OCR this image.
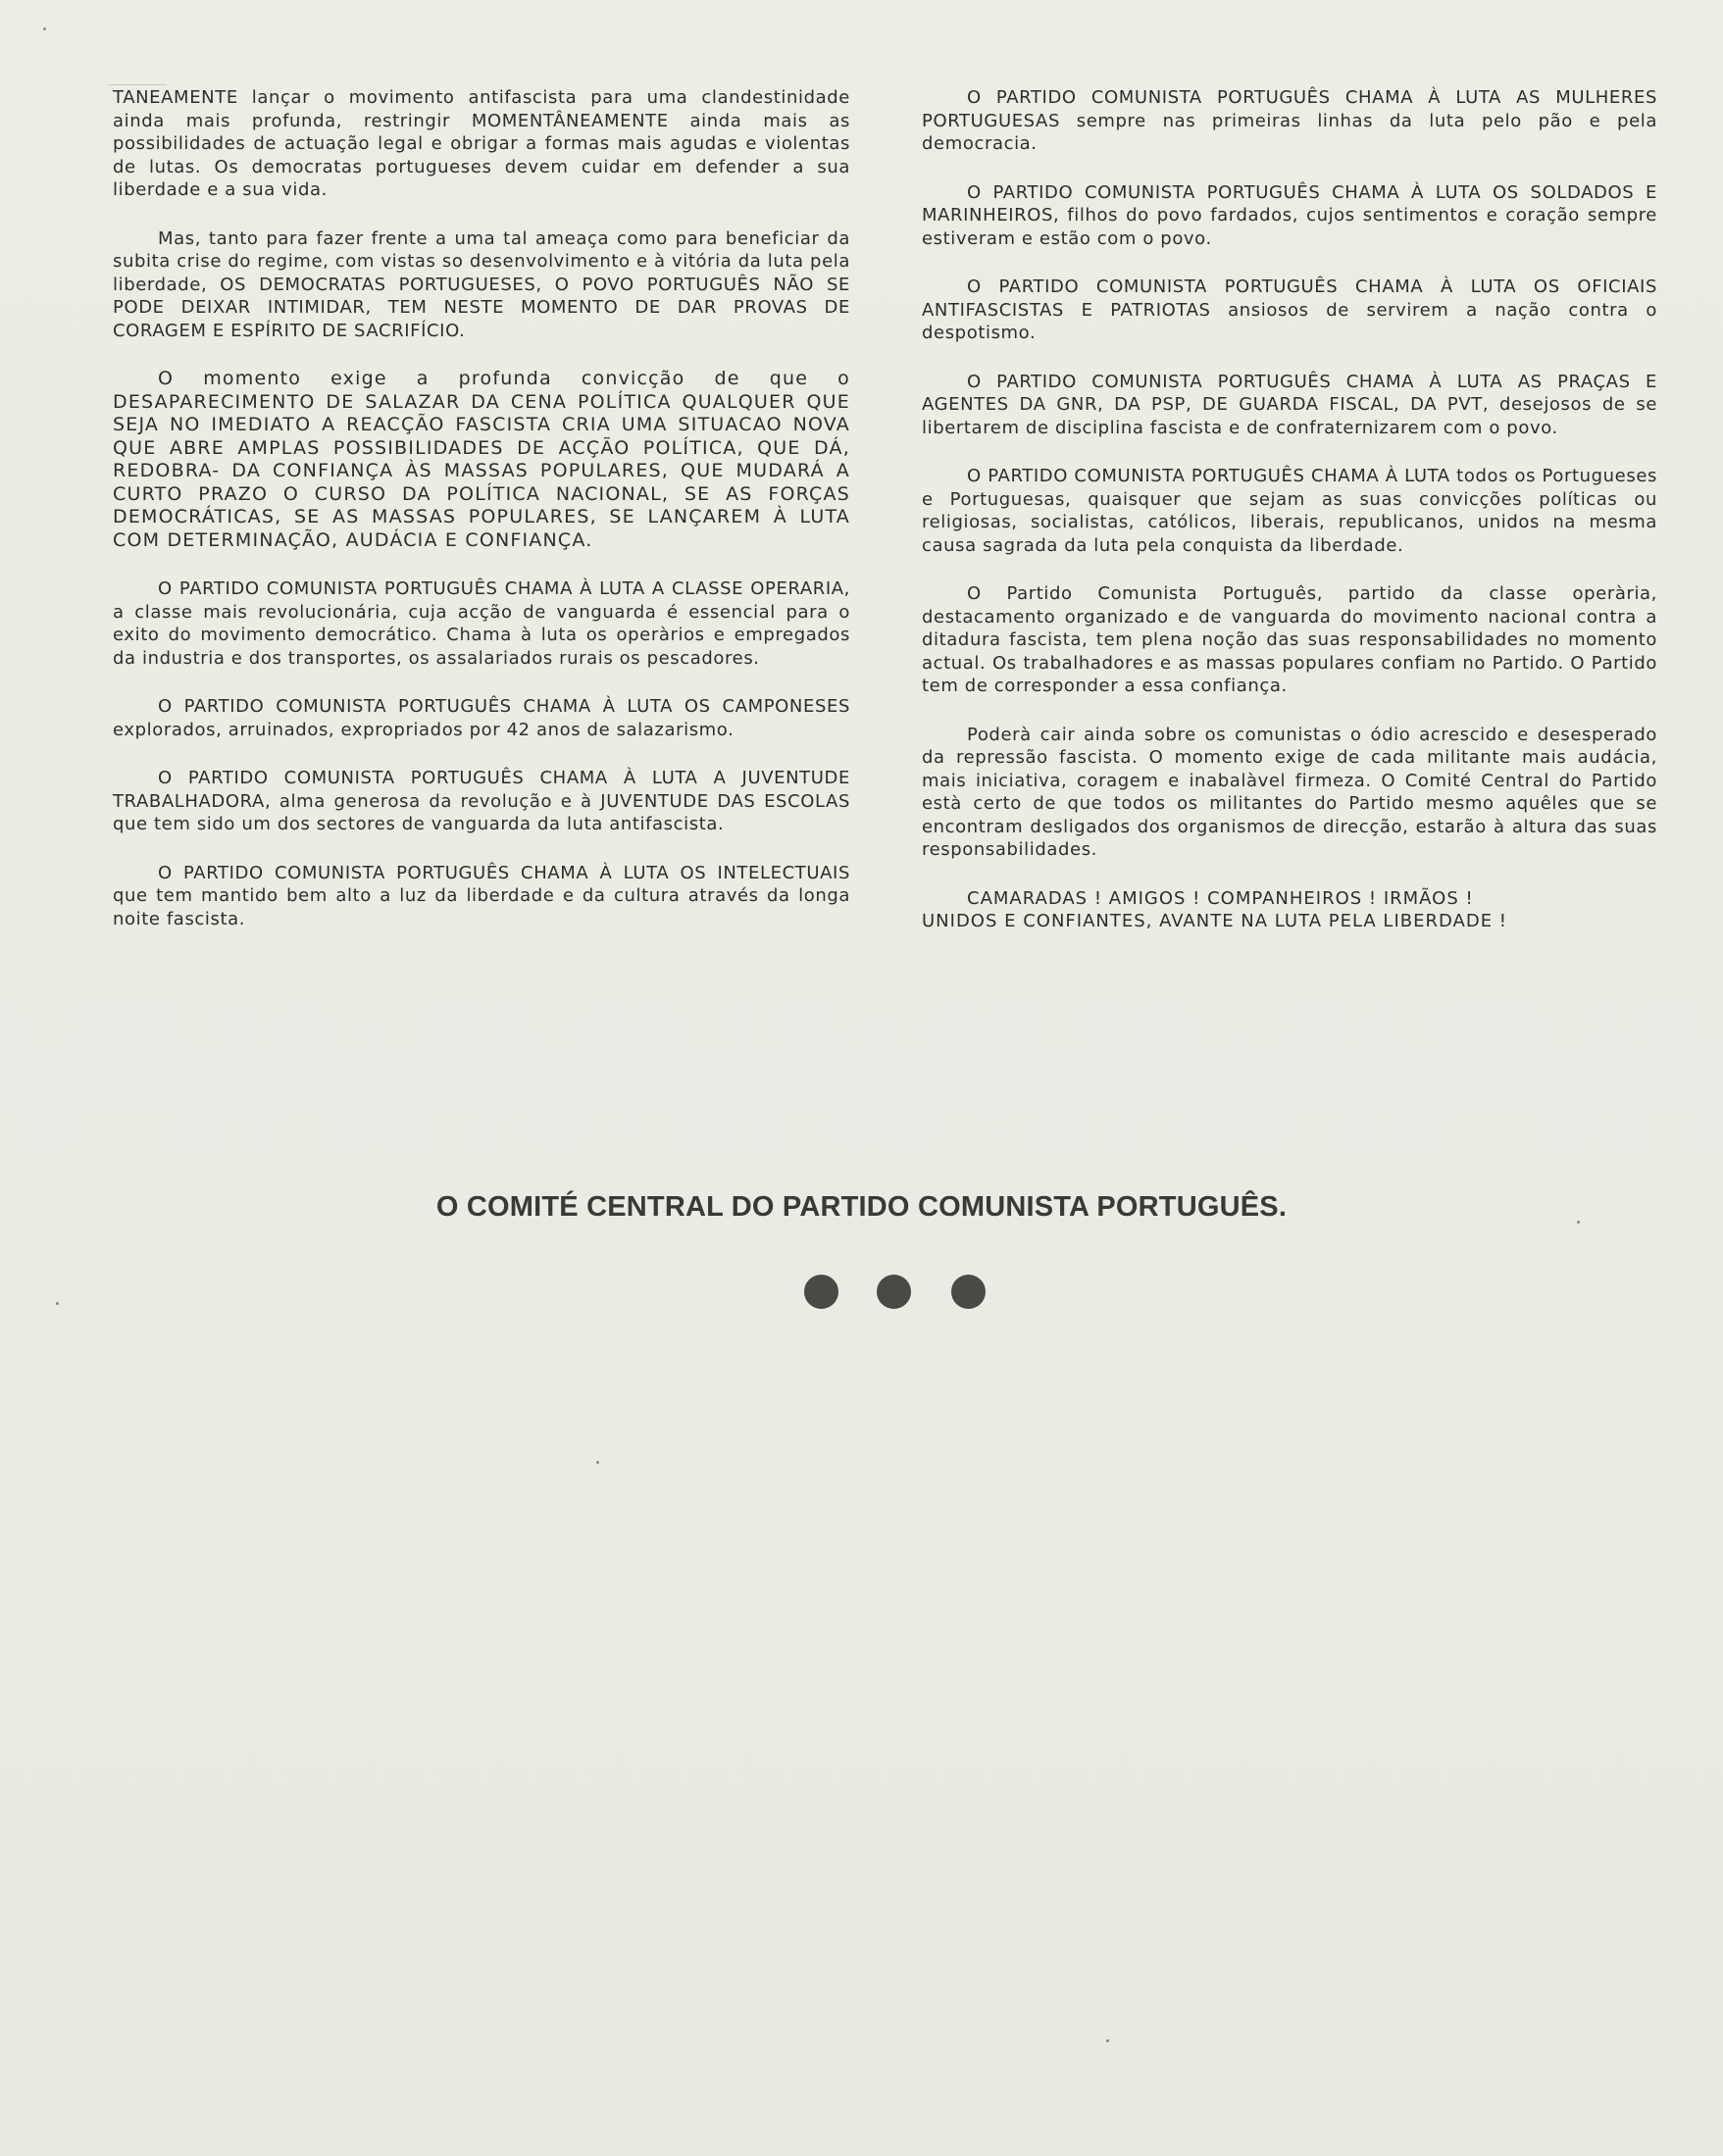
TANEAMENTE lançar o movimento antifascista para uma clandestinidade ainda mais profunda, restringir MOMENTÂNEAMENTE ainda mais as possibilidades de actuação legal e obrigar a formas mais agudas e violentas de lutas. Os democratas portugueses devem cuidar em defender a sua liberdade e a sua vida.

Mas, tanto para fazer frente a uma tal ameaça como para beneficiar da subita crise do regime, com vistas so desenvolvimento e à vitória da luta pela liberdade, OS DEMOCRATAS PORTUGUESES, O POVO PORTUGUÊS NÃO SE PODE DEIXAR INTIMIDAR, TEM NESTE MOMENTO DE DAR PROVAS DE CORAGEM E ESPÍRITO DE SACRIFÍCIO.

O momento exige a profunda convicção de que o DESAPARECIMENTO DE SALAZAR DA CENA POLÍTICA QUALQUER QUE SEJA NO IMEDIATO A REACÇÃO FASCISTA CRIA UMA SITUACAO NOVA QUE ABRE AMPLAS POSSIBILIDADES DE ACÇÃO POLÍTICA, QUE DÁ, REDOBRA- DA CONFIANÇA ÀS MASSAS POPULARES, QUE MUDARÁ A CURTO PRAZO O CURSO DA POLÍTICA NACIONAL, SE AS FORÇAS DEMOCRÁTICAS, SE AS MASSAS POPULARES, SE LANÇAREM À LUTA COM DETERMINAÇÃO, AUDÁCIA E CONFIANÇA.

O PARTIDO COMUNISTA PORTUGUÊS CHAMA À LUTA A CLASSE OPERARIA, a classe mais revolucionária, cuja acção de vanguarda é essencial para o exito do movimento democrático. Chama à luta os operàrios e empregados da industria e dos transportes, os assalariados rurais os pescadores.

O PARTIDO COMUNISTA PORTUGUÊS CHAMA À LUTA OS CAMPONESES explorados, arruinados, expropriados por 42 anos de salazarismo.

O PARTIDO COMUNISTA PORTUGUÊS CHAMA À LUTA A JUVENTUDE TRABALHADORA, alma generosa da revolução e à JUVENTUDE DAS ESCOLAS que tem sido um dos sectores de vanguarda da luta antifascista.

O PARTIDO COMUNISTA PORTUGUÊS CHAMA À LUTA OS INTELECTUAIS que tem mantido bem alto a luz da liberdade e da cultura através da longa noite fascista.

O PARTIDO COMUNISTA PORTUGUÊS CHAMA À LUTA AS MULHERES PORTUGUESAS sempre nas primeiras linhas da luta pelo pão e pela democracia.

O PARTIDO COMUNISTA PORTUGUÊS CHAMA À LUTA OS SOLDADOS E MARINHEIROS, filhos do povo fardados, cujos sentimentos e coração sempre estiveram e estão com o povo.

O PARTIDO COMUNISTA PORTUGUÊS CHAMA À LUTA OS OFICIAIS ANTIFASCISTAS E PATRIOTAS ansiosos de servirem a nação contra o despotismo.

O PARTIDO COMUNISTA PORTUGUÊS CHAMA À LUTA AS PRAÇAS E AGENTES DA GNR, DA PSP, DE GUARDA FISCAL, DA PVT, desejosos de se libertarem de disciplina fascista e de confraternizarem com o povo.

O PARTIDO COMUNISTA PORTUGUÊS CHAMA À LUTA todos os Portugueses e Portuguesas, quaisquer que sejam as suas convicções políticas ou religiosas, socialistas, católicos, liberais, republicanos, unidos na mesma causa sagrada da luta pela conquista da liberdade.

O Partido Comunista Português, partido da classe operària, destacamento organizado e de vanguarda do movimento nacional contra a ditadura fascista, tem plena noção das suas responsabilidades no momento actual. Os trabalhadores e as massas populares confiam no Partido. O Partido tem de corresponder a essa confiança.

Poderà cair ainda sobre os comunistas o ódio acrescido e desesperado da repressão fascista. O momento exige de cada militante mais audácia, mais iniciativa, coragem e inabalàvel firmeza. O Comité Central do Partido està certo de que todos os militantes do Partido mesmo aquêles que se encontram desligados dos organismos de direcção, estarão à altura das suas responsabilidades.

CAMARADAS ! AMIGOS ! COMPANHEIROS ! IRMÃOS !

UNIDOS E CONFIANTES, AVANTE NA LUTA PELA LIBERDADE !

O COMITÉ CENTRAL DO PARTIDO COMUNISTA PORTUGUÊS.
